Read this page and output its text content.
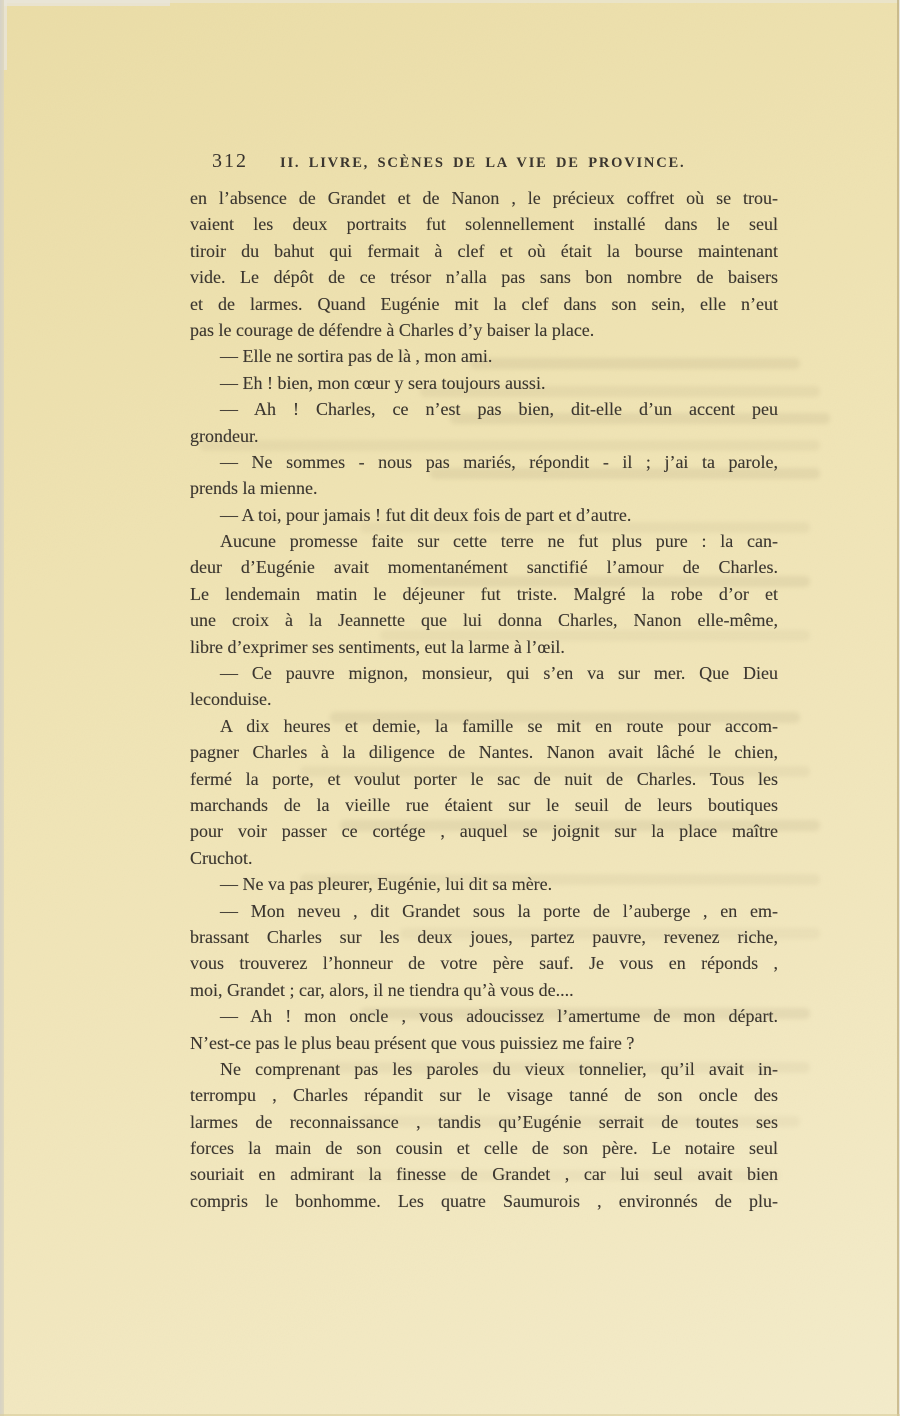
312 II. LIVRE, SCÈNES DE LA VIE DE PROVINCE.
en l’absence de Grandet et de Nanon , le précieux coffret où se trou-
vaient les deux portraits fut solennellement installé dans le seul
tiroir du bahut qui fermait à clef et où était la bourse maintenant
vide. Le dépôt de ce trésor n’alla pas sans bon nombre de baisers
et de larmes. Quand Eugénie mit la clef dans son sein, elle n’eut
pas le courage de défendre à Charles d’y baiser la place.
— Elle ne sortira pas de là , mon ami.
— Eh ! bien, mon cœur y sera toujours aussi.
— Ah ! Charles, ce n’est pas bien, dit-elle d’un accent peu
grondeur.
— Ne sommes - nous pas mariés, répondit - il ; j’ai ta parole,
prends la mienne.
— A toi, pour jamais ! fut dit deux fois de part et d’autre.
Aucune promesse faite sur cette terre ne fut plus pure : la can-
deur d’Eugénie avait momentanément sanctifié l’amour de Charles.
Le lendemain matin le déjeuner fut triste. Malgré la robe d’or et
une croix à la Jeannette que lui donna Charles, Nanon elle-même,
libre d’exprimer ses sentiments, eut la larme à l’œil.
— Ce pauvre mignon, monsieur, qui s’en va sur mer. Que Dieu
leconduise.
A dix heures et demie, la famille se mit en route pour accom-
pagner Charles à la diligence de Nantes. Nanon avait lâché le chien,
fermé la porte, et voulut porter le sac de nuit de Charles. Tous les
marchands de la vieille rue étaient sur le seuil de leurs boutiques
pour voir passer ce cortége , auquel se joignit sur la place maître
Cruchot.
— Ne va pas pleurer, Eugénie, lui dit sa mère.
— Mon neveu , dit Grandet sous la porte de l’auberge , en em-
brassant Charles sur les deux joues, partez pauvre, revenez riche,
vous trouverez l’honneur de votre père sauf. Je vous en réponds ,
moi, Grandet ; car, alors, il ne tiendra qu’à vous de....
— Ah ! mon oncle , vous adoucissez l’amertume de mon départ.
N’est-ce pas le plus beau présent que vous puissiez me faire ?
Ne comprenant pas les paroles du vieux tonnelier, qu’il avait in-
terrompu , Charles répandit sur le visage tanné de son oncle des
larmes de reconnaissance , tandis qu’Eugénie serrait de toutes ses
forces la main de son cousin et celle de son père. Le notaire seul
souriait en admirant la finesse de Grandet , car lui seul avait bien
compris le bonhomme. Les quatre Saumurois , environnés de plu-
